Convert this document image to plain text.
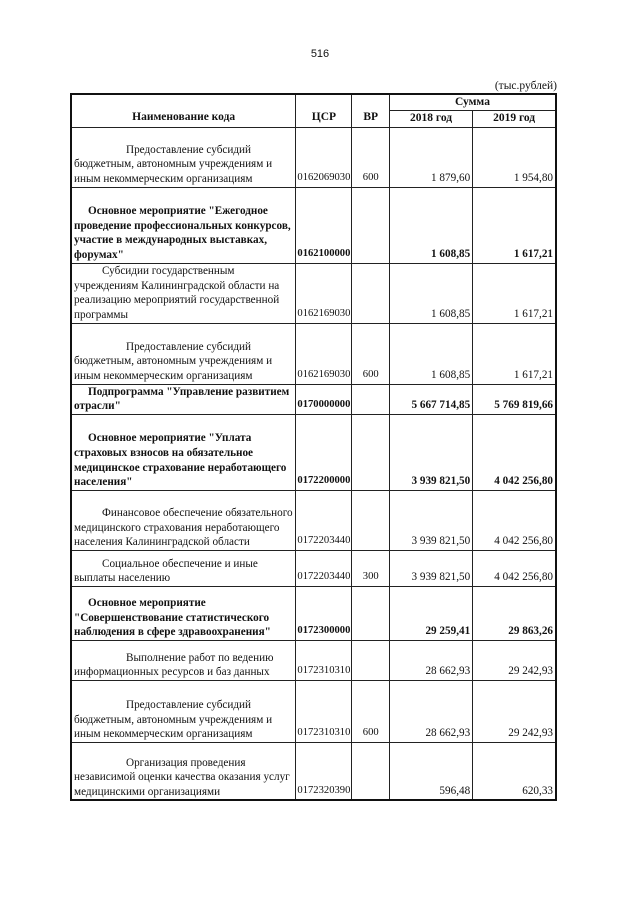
516
(тыс.рублей)
Наименование кода	ЦСР	ВР	Сумма	
			2018 год	2019 год
Предоставление субсидий бюджетным, автономным учреждениям и иным некоммерческим организациям	0162069030	600	1 879,60	1 954,80
Основное мероприятие "Ежегодное проведение профессиональных конкурсов, участие в международных выставках, форумах"	0162100000		1 608,85	1 617,21
Субсидии государственным учреждениям Калининградской области на реализацию мероприятий государственной программы	0162169030		1 608,85	1 617,21
Предоставление субсидий бюджетным, автономным учреждениям и иным некоммерческим организациям	0162169030	600	1 608,85	1 617,21
Подпрограмма "Управление развитием отрасли"	0170000000		5 667 714,85	5 769 819,66
Основное мероприятие "Уплата страховых взносов на обязательное медицинское страхование неработающего населения"	0172200000		3 939 821,50	4 042 256,80
Финансовое обеспечение обязательного медицинского страхования неработающего населения Калининградской области	0172203440		3 939 821,50	4 042 256,80
Социальное обеспечение и иные выплаты населению	0172203440	300	3 939 821,50	4 042 256,80
Основное мероприятие "Совершенствование статистического наблюдения в сфере здравоохранения"	0172300000		29 259,41	29 863,26
Выполнение работ по ведению информационных ресурсов и баз данных	0172310310		28 662,93	29 242,93
Предоставление субсидий бюджетным, автономным учреждениям и иным некоммерческим организациям	0172310310	600	28 662,93	29 242,93
Организация проведения независимой оценки качества оказания услуг медицинскими организациями	0172320390		596,48	620,33
